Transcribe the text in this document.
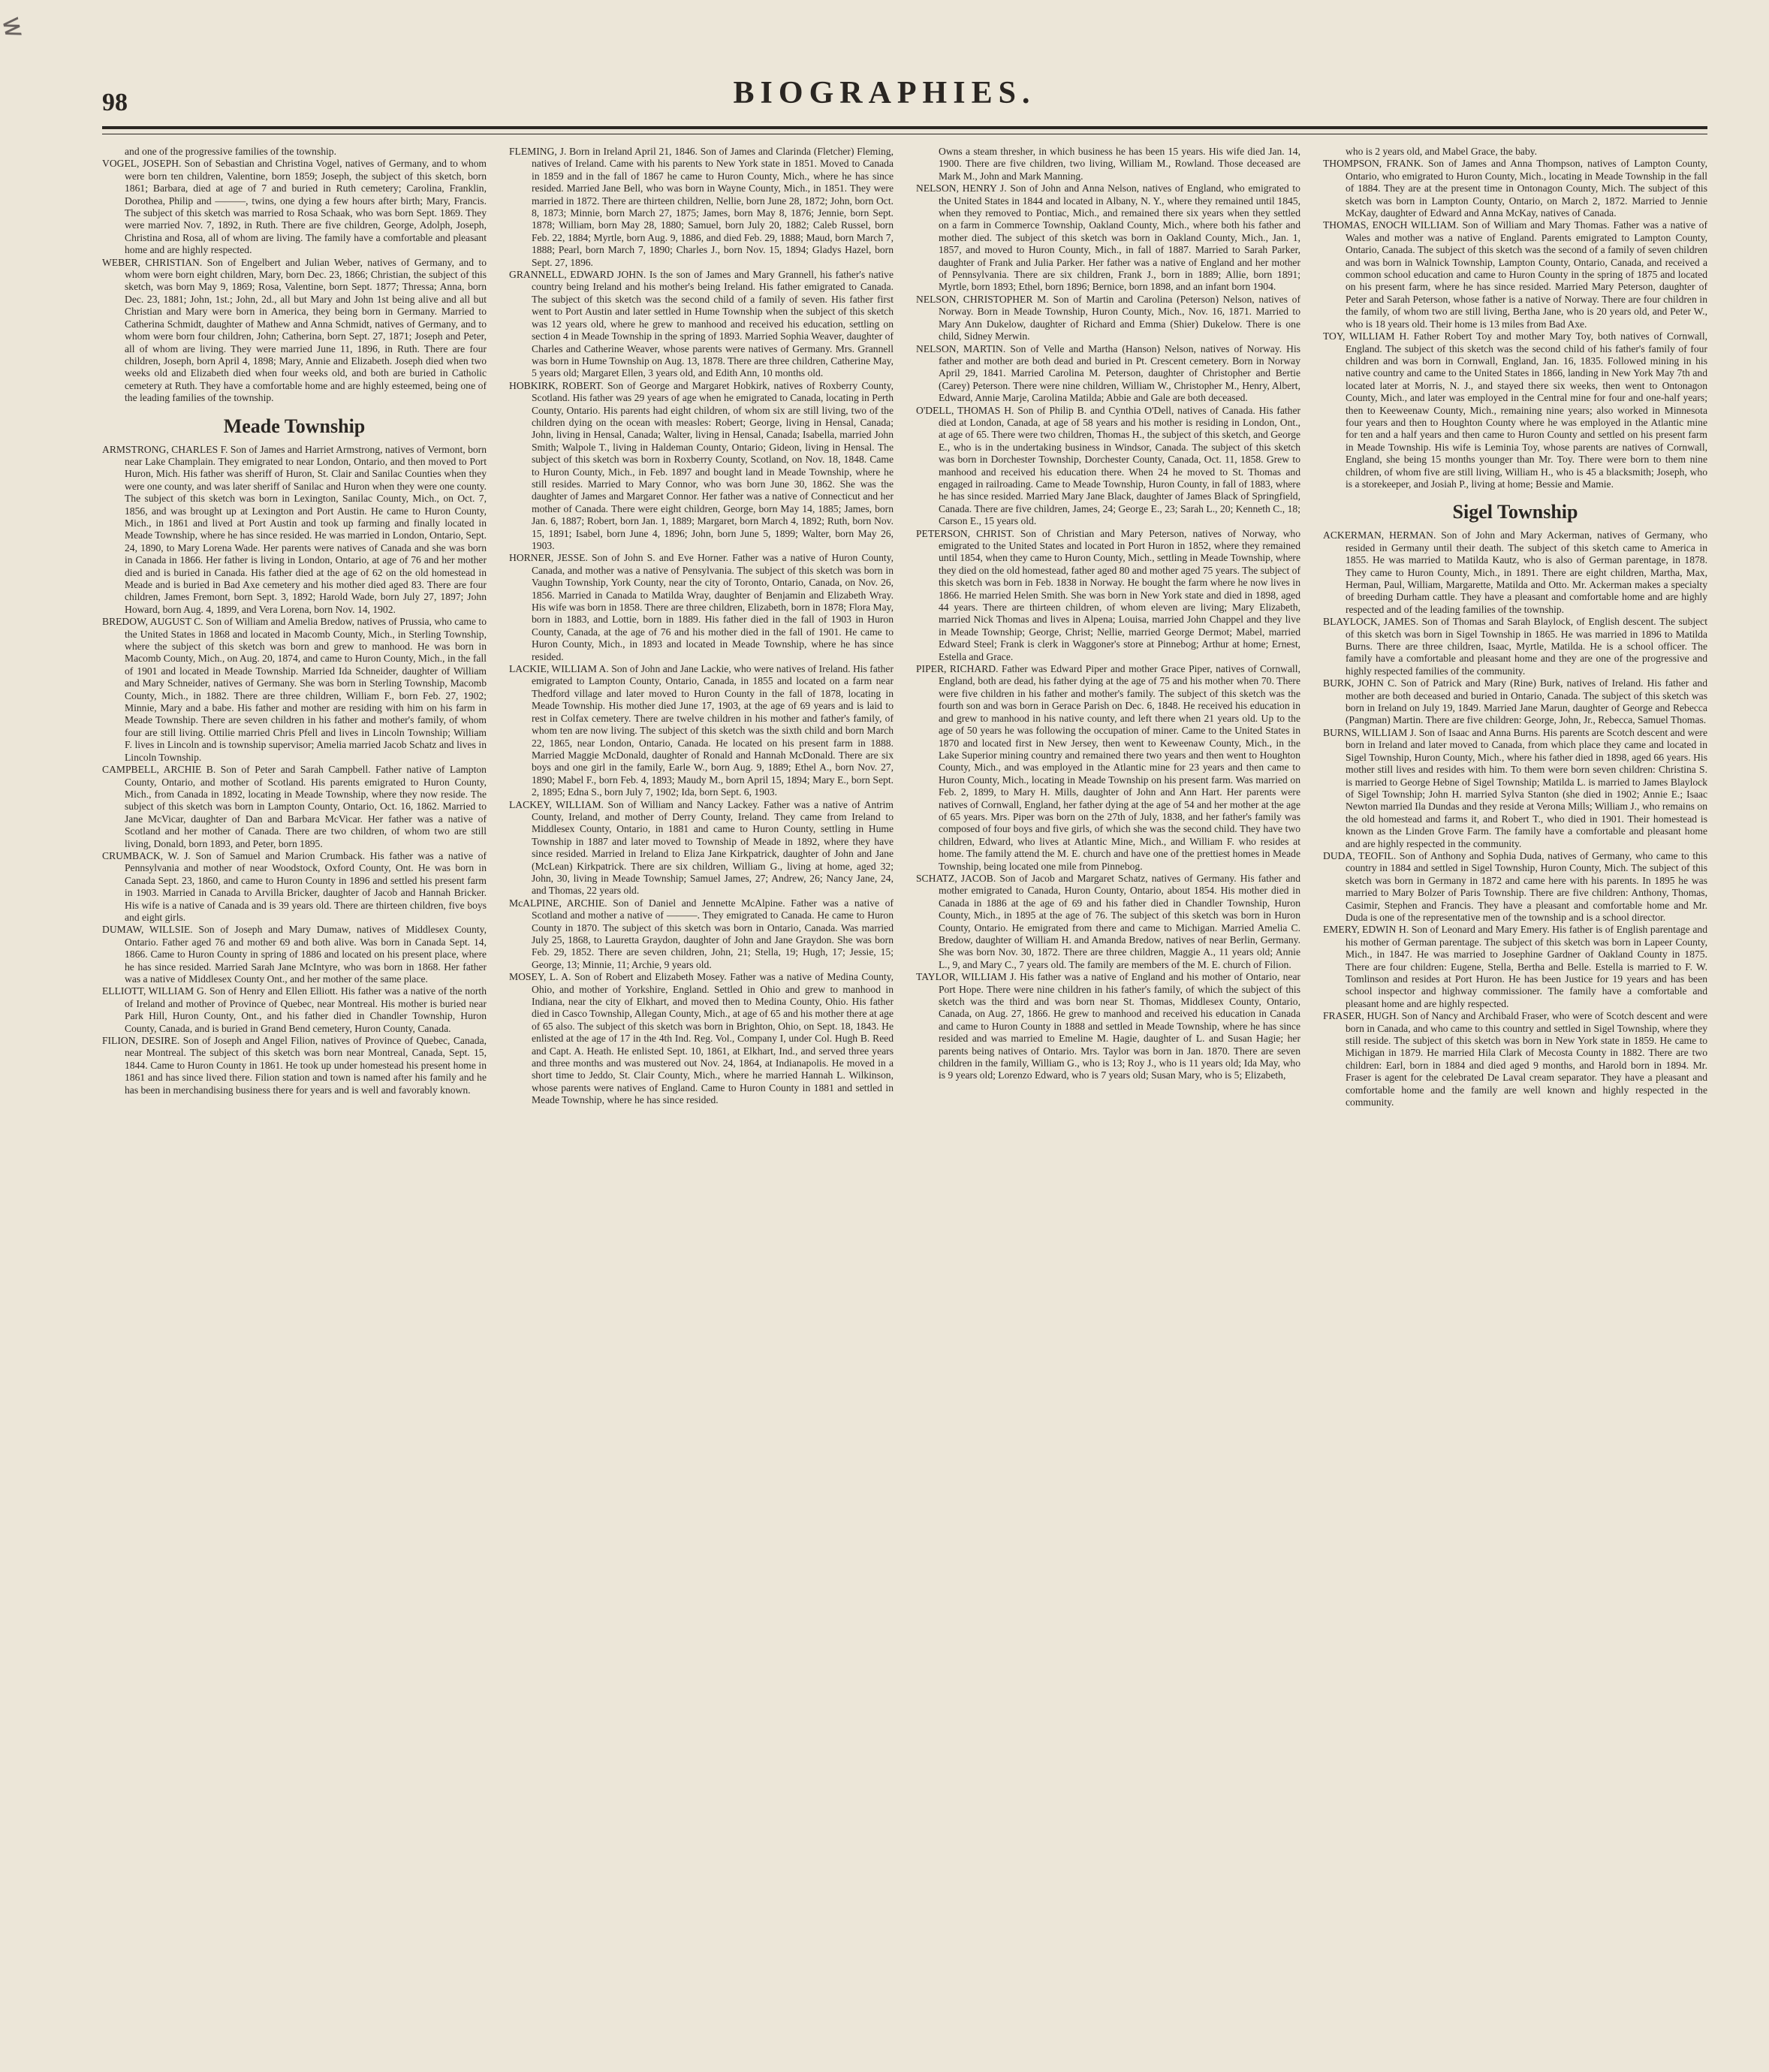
ᓬ
98	BIOGRAPHIES.

and one of the progressive families of the township.

VOGEL, JOSEPH. Son of Sebastian and Christina Vogel, natives of Germany, and to whom were born ten children, Valentine, born 1859; Joseph, the subject of this sketch, born 1861; Barbara, died at age of 7 and buried in Ruth cemetery; Carolina, Franklin, Dorothea, Philip and ———, twins, one dying a few hours after birth; Mary, Francis. The subject of this sketch was married to Rosa Schaak, who was born Sept. 1869. They were married Nov. 7, 1892, in Ruth. There are five children, George, Adolph, Joseph, Christina and Rosa, all of whom are living. The family have a comfortable and pleasant home and are highly respected.

WEBER, CHRISTIAN. Son of Engelbert and Julian Weber, natives of Germany, and to whom were born eight children, Mary, born Dec. 23, 1866; Christian, the subject of this sketch, was born May 9, 1869; Rosa, Valentine, born Sept. 1877; Thressa; Anna, born Dec. 23, 1881; John, 1st.; John, 2d., all but Mary and John 1st being alive and all but Christian and Mary were born in America, they being born in Germany. Married to Catherina Schmidt, daughter of Mathew and Anna Schmidt, natives of Germany, and to whom were born four children, John; Catherina, born Sept. 27, 1871; Joseph and Peter, all of whom are living. They were married June 11, 1896, in Ruth. There are four children, Joseph, born April 4, 1898; Mary, Annie and Elizabeth. Joseph died when two weeks old and Elizabeth died when four weeks old, and both are buried in Catholic cemetery at Ruth. They have a comfortable home and are highly esteemed, being one of the leading families of the township.

Meade Township

ARMSTRONG, CHARLES F. Son of James and Harriet Armstrong, natives of Vermont, born near Lake Champlain. They emigrated to near London, Ontario, and then moved to Port Huron, Mich. His father was sheriff of Huron, St. Clair and Sanilac Counties when they were one county, and was later sheriff of Sanilac and Huron when they were one county. The subject of this sketch was born in Lexington, Sanilac County, Mich., on Oct. 7, 1856, and was brought up at Lexington and Port Austin. He came to Huron County, Mich., in 1861 and lived at Port Austin and took up farming and finally located in Meade Township, where he has since resided. He was married in London, Ontario, Sept. 24, 1890, to Mary Lorena Wade. Her parents were natives of Canada and she was born in Canada in 1866. Her father is living in London, Ontario, at age of 76 and her mother died and is buried in Canada. His father died at the age of 62 on the old homestead in Meade and is buried in Bad Axe cemetery and his mother died aged 83. There are four children, James Fremont, born Sept. 3, 1892; Harold Wade, born July 27, 1897; John Howard, born Aug. 4, 1899, and Vera Lorena, born Nov. 14, 1902.

BREDOW, AUGUST C. Son of William and Amelia Bredow, natives of Prussia, who came to the United States in 1868 and located in Macomb County, Mich., in Sterling Township, where the subject of this sketch was born and grew to manhood. He was born in Macomb County, Mich., on Aug. 20, 1874, and came to Huron County, Mich., in the fall of 1901 and located in Meade Township. Married Ida Schneider, daughter of William and Mary Schneider, natives of Germany. She was born in Sterling Township, Macomb County, Mich., in 1882. There are three children, William F., born Feb. 27, 1902; Minnie, Mary and a babe. His father and mother are residing with him on his farm in Meade Township. There are seven children in his father and mother's family, of whom four are still living. Ottilie married Chris Pfell and lives in Lincoln Township; William F. lives in Lincoln and is township supervisor; Amelia married Jacob Schatz and lives in Lincoln Township.

CAMPBELL, ARCHIE B. Son of Peter and Sarah Campbell. Father native of Lampton County, Ontario, and mother of Scotland. His parents emigrated to Huron County, Mich., from Canada in 1892, locating in Meade Township, where they now reside. The subject of this sketch was born in Lampton County, Ontario, Oct. 16, 1862. Married to Jane McVicar, daughter of Dan and Barbara McVicar. Her father was a native of Scotland and her mother of Canada. There are two children, of whom two are still living, Donald, born 1893, and Peter, born 1895.

CRUMBACK, W. J. Son of Samuel and Marion Crumback. His father was a native of Pennsylvania and mother of near Woodstock, Oxford County, Ont. He was born in Canada Sept. 23, 1860, and came to Huron County in 1896 and settled his present farm in 1903. Married in Canada to Arvilla Bricker, daughter of Jacob and Hannah Bricker. His wife is a native of Canada and is 39 years old. There are thirteen children, five boys and eight girls.

DUMAW, WILLSIE. Son of Joseph and Mary Dumaw, natives of Middlesex County, Ontario. Father aged 76 and mother 69 and both alive. Was born in Canada Sept. 14, 1866. Came to Huron County in spring of 1886 and located on his present place, where he has since resided. Married Sarah Jane McIntyre, who was born in 1868. Her father was a native of Middlesex County Ont., and her mother of the same place.

ELLIOTT, WILLIAM G. Son of Henry and Ellen Elliott. His father was a native of the north of Ireland and mother of Province of Quebec, near Montreal. His mother is buried near Park Hill, Huron County, Ont., and his father died in Chandler Township, Huron County, Canada, and is buried in Grand Bend cemetery, Huron County, Canada.

FILION, DESIRE. Son of Joseph and Angel Filion, natives of Province of Quebec, Canada, near Montreal. The subject of this sketch was born near Montreal, Canada, Sept. 15, 1844. Came to Huron County in 1861. He took up under homestead his present home in 1861 and has since lived there. Filion station and town is named after his family and he has been in merchandising business there for years and is well and favorably known.

FLEMING, J. Born in Ireland April 21, 1846. Son of James and Clarinda (Fletcher) Fleming, natives of Ireland. Came with his parents to New York state in 1851. Moved to Canada in 1859 and in the fall of 1867 he came to Huron County, Mich., where he has since resided. Married Jane Bell, who was born in Wayne County, Mich., in 1851. They were married in 1872. There are thirteen children, Nellie, born June 28, 1872; John, born Oct. 8, 1873; Minnie, born March 27, 1875; James, born May 8, 1876; Jennie, born Sept. 1878; William, born May 28, 1880; Samuel, born July 20, 1882; Caleb Russel, born Feb. 22, 1884; Myrtle, born Aug. 9, 1886, and died Feb. 29, 1888; Maud, born March 7, 1888; Pearl, born March 7, 1890; Charles J., born Nov. 15, 1894; Gladys Hazel, born Sept. 27, 1896.

GRANNELL, EDWARD JOHN. Is the son of James and Mary Grannell, his father's native country being Ireland and his mother's being Ireland. His father emigrated to Canada. The subject of this sketch was the second child of a family of seven. His father first went to Port Austin and later settled in Hume Township when the subject of this sketch was 12 years old, where he grew to manhood and received his education, settling on section 4 in Meade Township in the spring of 1893. Married Sophia Weaver, daughter of Charles and Catherine Weaver, whose parents were natives of Germany. Mrs. Grannell was born in Hume Township on Aug. 13, 1878. There are three children, Catherine May, 5 years old; Margaret Ellen, 3 years old, and Edith Ann, 10 months old.

HOBKIRK, ROBERT. Son of George and Margaret Hobkirk, natives of Roxberry County, Scotland. His father was 29 years of age when he emigrated to Canada, locating in Perth County, Ontario. His parents had eight children, of whom six are still living, two of the children dying on the ocean with measles: Robert; George, living in Hensal, Canada; John, living in Hensal, Canada; Walter, living in Hensal, Canada; Isabella, married John Smith; Walpole T., living in Haldeman County, Ontario; Gideon, living in Hensal. The subject of this sketch was born in Roxberry County, Scotland, on Nov. 18, 1848. Came to Huron County, Mich., in Feb. 1897 and bought land in Meade Township, where he still resides. Married to Mary Connor, who was born June 30, 1862. She was the daughter of James and Margaret Connor. Her father was a native of Connecticut and her mother of Canada. There were eight children, George, born May 14, 1885; James, born Jan. 6, 1887; Robert, born Jan. 1, 1889; Margaret, born March 4, 1892; Ruth, born Nov. 15, 1891; Isabel, born June 4, 1896; John, born June 5, 1899; Walter, born May 26, 1903.

HORNER, JESSE. Son of John S. and Eve Horner. Father was a native of Huron County, Canada, and mother was a native of Pensylvania. The subject of this sketch was born in Vaughn Township, York County, near the city of Toronto, Ontario, Canada, on Nov. 26, 1856. Married in Canada to Matilda Wray, daughter of Benjamin and Elizabeth Wray. His wife was born in 1858. There are three children, Elizabeth, born in 1878; Flora May, born in 1883, and Lottie, born in 1889. His father died in the fall of 1903 in Huron County, Canada, at the age of 76 and his mother died in the fall of 1901. He came to Huron County, Mich., in 1893 and located in Meade Township, where he has since resided.

LACKIE, WILLIAM A. Son of John and Jane Lackie, who were natives of Ireland. His father emigrated to Lampton County, Ontario, Canada, in 1855 and located on a farm near Thedford village and later moved to Huron County in the fall of 1878, locating in Meade Township. His mother died June 17, 1903, at the age of 69 years and is laid to rest in Colfax cemetery. There are twelve children in his mother and father's family, of whom ten are now living. The subject of this sketch was the sixth child and born March 22, 1865, near London, Ontario, Canada. He located on his present farm in 1888. Married Maggie McDonald, daughter of Ronald and Hannah McDonald. There are six boys and one girl in the family, Earle W., born Aug. 9, 1889; Ethel A., born Nov. 27, 1890; Mabel F., born Feb. 4, 1893; Maudy M., born April 15, 1894; Mary E., born Sept. 2, 1895; Edna S., born July 7, 1902; Ida, born Sept. 6, 1903.

LACKEY, WILLIAM. Son of William and Nancy Lackey. Father was a native of Antrim County, Ireland, and mother of Derry County, Ireland. They came from Ireland to Middlesex County, Ontario, in 1881 and came to Huron County, settling in Hume Township in 1887 and later moved to Township of Meade in 1892, where they have since resided. Married in Ireland to Eliza Jane Kirkpatrick, daughter of John and Jane (McLean) Kirkpatrick. There are six children, William G., living at home, aged 32; John, 30, living in Meade Township; Samuel James, 27; Andrew, 26; Nancy Jane, 24, and Thomas, 22 years old.

McALPINE, ARCHIE. Son of Daniel and Jennette McAlpine. Father was a native of Scotland and mother a native of ———. They emigrated to Canada. He came to Huron County in 1870. The subject of this sketch was born in Ontario, Canada. Was married July 25, 1868, to Lauretta Graydon, daughter of John and Jane Graydon. She was born Feb. 29, 1852. There are seven children, John, 21; Stella, 19; Hugh, 17; Jessie, 15; George, 13; Minnie, 11; Archie, 9 years old.

MOSEY, L. A. Son of Robert and Elizabeth Mosey. Father was a native of Medina County, Ohio, and mother of Yorkshire, England. Settled in Ohio and grew to manhood in Indiana, near the city of Elkhart, and moved then to Medina County, Ohio. His father died in Casco Township, Allegan County, Mich., at age of 65 and his mother there at age of 65 also. The subject of this sketch was born in Brighton, Ohio, on Sept. 18, 1843. He enlisted at the age of 17 in the 4th Ind. Reg. Vol., Company I, under Col. Hugh B. Reed and Capt. A. Heath. He enlisted Sept. 10, 1861, at Elkhart, Ind., and served three years and three months and was mustered out Nov. 24, 1864, at Indianapolis. He moved in a short time to Jeddo, St. Clair County, Mich., where he married Hannah L. Wilkinson, whose parents were natives of England. Came to Huron County in 1881 and settled in Meade Township, where he has since resided.

Owns a steam thresher, in which business he has been 15 years. His wife died Jan. 14, 1900. There are five children, two living, William M., Rowland. Those deceased are Mark M., John and Mark Manning.

NELSON, HENRY J. Son of John and Anna Nelson, natives of England, who emigrated to the United States in 1844 and located in Albany, N. Y., where they remained until 1845, when they removed to Pontiac, Mich., and remained there six years when they settled on a farm in Commerce Township, Oakland County, Mich., where both his father and mother died. The subject of this sketch was born in Oakland County, Mich., Jan. 1, 1857, and moved to Huron County, Mich., in fall of 1887. Married to Sarah Parker, daughter of Frank and Julia Parker. Her father was a native of England and her mother of Pennsylvania. There are six children, Frank J., born in 1889; Allie, born 1891; Myrtle, born 1893; Ethel, born 1896; Bernice, born 1898, and an infant born 1904.

NELSON, CHRISTOPHER M. Son of Martin and Carolina (Peterson) Nelson, natives of Norway. Born in Meade Township, Huron County, Mich., Nov. 16, 1871. Married to Mary Ann Dukelow, daughter of Richard and Emma (Shier) Dukelow. There is one child, Sidney Merwin.

NELSON, MARTIN. Son of Velle and Martha (Hanson) Nelson, natives of Norway. His father and mother are both dead and buried in Pt. Crescent cemetery. Born in Norway April 29, 1841. Married Carolina M. Peterson, daughter of Christopher and Bertie (Carey) Peterson. There were nine children, William W., Christopher M., Henry, Albert, Edward, Annie Marje, Carolina Matilda; Abbie and Gale are both deceased.

O'DELL, THOMAS H. Son of Philip B. and Cynthia O'Dell, natives of Canada. His father died at London, Canada, at age of 58 years and his mother is residing in London, Ont., at age of 65. There were two children, Thomas H., the subject of this sketch, and George E., who is in the undertaking business in Windsor, Canada. The subject of this sketch was born in Dorchester Township, Dorchester County, Canada, Oct. 11, 1858. Grew to manhood and received his education there. When 24 he moved to St. Thomas and engaged in railroading. Came to Meade Township, Huron County, in fall of 1883, where he has since resided. Married Mary Jane Black, daughter of James Black of Springfield, Canada. There are five children, James, 24; George E., 23; Sarah L., 20; Kenneth C., 18; Carson E., 15 years old.

PETERSON, CHRIST. Son of Christian and Mary Peterson, natives of Norway, who emigrated to the United States and located in Port Huron in 1852, where they remained until 1854, when they came to Huron County, Mich., settling in Meade Township, where they died on the old homestead, father aged 80 and mother aged 75 years. The subject of this sketch was born in Feb. 1838 in Norway. He bought the farm where he now lives in 1866. He married Helen Smith. She was born in New York state and died in 1898, aged 44 years. There are thirteen children, of whom eleven are living; Mary Elizabeth, married Nick Thomas and lives in Alpena; Louisa, married John Chappel and they live in Meade Township; George, Christ; Nellie, married George Dermot; Mabel, married Edward Steel; Frank is clerk in Waggoner's store at Pinnebog; Arthur at home; Ernest, Estella and Grace.

PIPER, RICHARD. Father was Edward Piper and mother Grace Piper, natives of Cornwall, England, both are dead, his father dying at the age of 75 and his mother when 70. There were five children in his father and mother's family. The subject of this sketch was the fourth son and was born in Gerace Parish on Dec. 6, 1848. He received his education in and grew to manhood in his native county, and left there when 21 years old. Up to the age of 50 years he was following the occupation of miner. Came to the United States in 1870 and located first in New Jersey, then went to Keweenaw County, Mich., in the Lake Superior mining country and remained there two years and then went to Houghton County, Mich., and was employed in the Atlantic mine for 23 years and then came to Huron County, Mich., locating in Meade Township on his present farm. Was married on Feb. 2, 1899, to Mary H. Mills, daughter of John and Ann Hart. Her parents were natives of Cornwall, England, her father dying at the age of 54 and her mother at the age of 65 years. Mrs. Piper was born on the 27th of July, 1838, and her father's family was composed of four boys and five girls, of which she was the second child. They have two children, Edward, who lives at Atlantic Mine, Mich., and William F. who resides at home. The family attend the M. E. church and have one of the prettiest homes in Meade Township, being located one mile from Pinnebog.

SCHATZ, JACOB. Son of Jacob and Margaret Schatz, natives of Germany. His father and mother emigrated to Canada, Huron County, Ontario, about 1854. His mother died in Canada in 1886 at the age of 69 and his father died in Chandler Township, Huron County, Mich., in 1895 at the age of 76. The subject of this sketch was born in Huron County, Ontario. He emigrated from there and came to Michigan. Married Amelia C. Bredow, daughter of William H. and Amanda Bredow, natives of near Berlin, Germany. She was born Nov. 30, 1872. There are three children, Maggie A., 11 years old; Annie L., 9, and Mary C., 7 years old. The family are members of the M. E. church of Filion.

TAYLOR, WILLIAM J. His father was a native of England and his mother of Ontario, near Port Hope. There were nine children in his father's family, of which the subject of this sketch was the third and was born near St. Thomas, Middlesex County, Ontario, Canada, on Aug. 27, 1866. He grew to manhood and received his education in Canada and came to Huron County in 1888 and settled in Meade Township, where he has since resided and was married to Emeline M. Hagie, daughter of L. and Susan Hagie; her parents being natives of Ontario. Mrs. Taylor was born in Jan. 1870. There are seven children in the family, William G., who is 13; Roy J., who is 11 years old; Ida May, who is 9 years old; Lorenzo Edward, who is 7 years old; Susan Mary, who is 5; Elizabeth,

who is 2 years old, and Mabel Grace, the baby.

THOMPSON, FRANK. Son of James and Anna Thompson, natives of Lampton County, Ontario, who emigrated to Huron County, Mich., locating in Meade Township in the fall of 1884. They are at the present time in Ontonagon County, Mich. The subject of this sketch was born in Lampton County, Ontario, on March 2, 1872. Married to Jennie McKay, daughter of Edward and Anna McKay, natives of Canada.

THOMAS, ENOCH WILLIAM. Son of William and Mary Thomas. Father was a native of Wales and mother was a native of England. Parents emigrated to Lampton County, Ontario, Canada. The subject of this sketch was the second of a family of seven children and was born in Walnick Township, Lampton County, Ontario, Canada, and received a common school education and came to Huron County in the spring of 1875 and located on his present farm, where he has since resided. Married Mary Peterson, daughter of Peter and Sarah Peterson, whose father is a native of Norway. There are four children in the family, of whom two are still living, Bertha Jane, who is 20 years old, and Peter W., who is 18 years old. Their home is 13 miles from Bad Axe.

TOY, WILLIAM H. Father Robert Toy and mother Mary Toy, both natives of Cornwall, England. The subject of this sketch was the second child of his father's family of four children and was born in Cornwall, England, Jan. 16, 1835. Followed mining in his native country and came to the United States in 1866, landing in New York May 7th and located later at Morris, N. J., and stayed there six weeks, then went to Ontonagon County, Mich., and later was employed in the Central mine for four and one-half years; then to Keeweenaw County, Mich., remaining nine years; also worked in Minnesota four years and then to Houghton County where he was employed in the Atlantic mine for ten and a half years and then came to Huron County and settled on his present farm in Meade Township. His wife is Leminia Toy, whose parents are natives of Cornwall, England, she being 15 months younger than Mr. Toy. There were born to them nine children, of whom five are still living, William H., who is 45 a blacksmith; Joseph, who is a storekeeper, and Josiah P., living at home; Bessie and Mamie.

Sigel Township

ACKERMAN, HERMAN. Son of John and Mary Ackerman, natives of Germany, who resided in Germany until their death. The subject of this sketch came to America in 1855. He was married to Matilda Kautz, who is also of German parentage, in 1878. They came to Huron County, Mich., in 1891. There are eight children, Martha, Max, Herman, Paul, William, Margarette, Matilda and Otto. Mr. Ackerman makes a specialty of breeding Durham cattle. They have a pleasant and comfortable home and are highly respected and of the leading families of the township.

BLAYLOCK, JAMES. Son of Thomas and Sarah Blaylock, of English descent. The subject of this sketch was born in Sigel Township in 1865. He was married in 1896 to Matilda Burns. There are three children, Isaac, Myrtle, Matilda. He is a school officer. The family have a comfortable and pleasant home and they are one of the progressive and highly respected families of the community.

BURK, JOHN C. Son of Patrick and Mary (Rine) Burk, natives of Ireland. His father and mother are both deceased and buried in Ontario, Canada. The subject of this sketch was born in Ireland on July 19, 1849. Married Jane Marun, daughter of George and Rebecca (Pangman) Martin. There are five children: George, John, Jr., Rebecca, Samuel Thomas.

BURNS, WILLIAM J. Son of Isaac and Anna Burns. His parents are Scotch descent and were born in Ireland and later moved to Canada, from which place they came and located in Sigel Township, Huron County, Mich., where his father died in 1898, aged 66 years. His mother still lives and resides with him. To them were born seven children: Christina S. is married to George Hebne of Sigel Township; Matilda L. is married to James Blaylock of Sigel Township; John H. married Sylva Stanton (she died in 1902; Annie E.; Isaac Newton married Ila Dundas and they reside at Verona Mills; William J., who remains on the old homestead and farms it, and Robert T., who died in 1901. Their homestead is known as the Linden Grove Farm. The family have a comfortable and pleasant home and are highly respected in the community.

DUDA, TEOFIL. Son of Anthony and Sophia Duda, natives of Germany, who came to this country in 1884 and settled in Sigel Township, Huron County, Mich. The subject of this sketch was born in Germany in 1872 and came here with his parents. In 1895 he was married to Mary Bolzer of Paris Township. There are five children: Anthony, Thomas, Casimir, Stephen and Francis. They have a pleasant and comfortable home and Mr. Duda is one of the representative men of the township and is a school director.

EMERY, EDWIN H. Son of Leonard and Mary Emery. His father is of English parentage and his mother of German parentage. The subject of this sketch was born in Lapeer County, Mich., in 1847. He was married to Josephine Gardner of Oakland County in 1875. There are four children: Eugene, Stella, Bertha and Belle. Estella is married to F. W. Tomlinson and resides at Port Huron. He has been Justice for 19 years and has been school inspector and highway commissioner. The family have a comfortable and pleasant home and are highly respected.

FRASER, HUGH. Son of Nancy and Archibald Fraser, who were of Scotch descent and were born in Canada, and who came to this country and settled in Sigel Township, where they still reside. The subject of this sketch was born in New York state in 1859. He came to Michigan in 1879. He married Hila Clark of Mecosta County in 1882. There are two children: Earl, born in 1884 and died aged 9 months, and Harold born in 1894. Mr. Fraser is agent for the celebrated De Laval cream separator. They have a pleasant and comfortable home and the family are well known and highly respected in the community.
